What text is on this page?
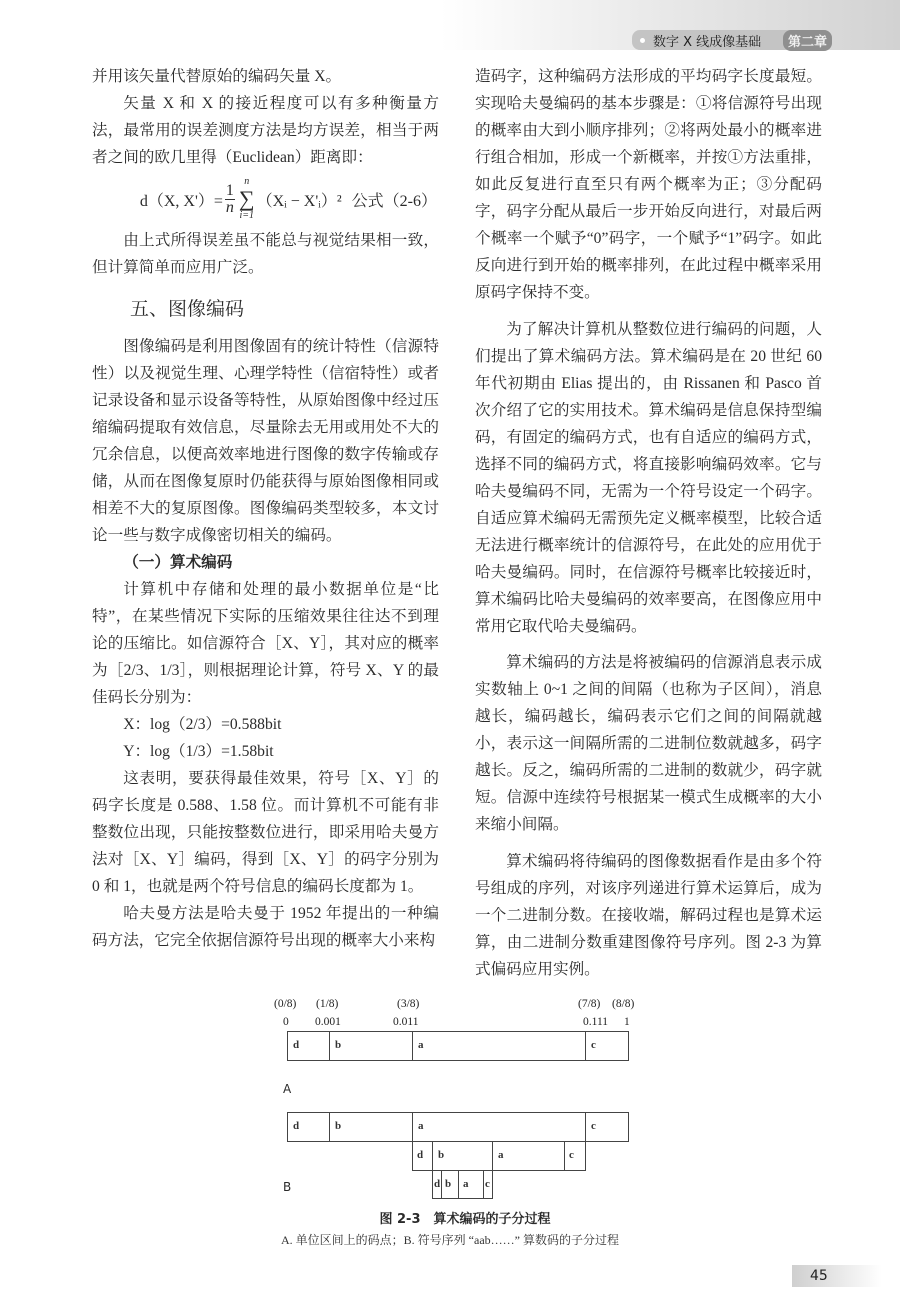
数字 X 线成像基础	第二章

并用该矢量代替原始的编码矢量 X。

矢量 X 和 X 的接近程度可以有多种衡量方法，最常用的误差测度方法是均方误差，相当于两者之间的欧几里得（Euclidean）距离即：

d（X, $X')= \frac{1}{n}$
n
∑
i=1
（Xᵢ − X'ᵢ）² 公式（2-6）

由上式所得误差虽不能总与视觉结果相一致，但计算简单而应用广泛。

五、图像编码

图像编码是利用图像固有的统计特性（信源特性）以及视觉生理、心理学特性（信宿特性）或者记录设备和显示设备等特性，从原始图像中经过压缩编码提取有效信息，尽量除去无用或用处不大的冗余信息，以便高效率地进行图像的数字传输或存储，从而在图像复原时仍能获得与原始图像相同或相差不大的复原图像。图像编码类型较多，本文讨论一些与数字成像密切相关的编码。

（一）算术编码

计算机中存储和处理的最小数据单位是“比特”，在某些情况下实际的压缩效果往往达不到理论的压缩比。如信源符合［X、Y］，其对应的概率为［2/3、1/3］，则根据理论计算，符号 X、Y 的最佳码长分别为：

X：log（2/3）=0.588bit

Y：log（1/3）=1.58bit

这表明，要获得最佳效果，符号［X、Y］的码字长度是 0.588、1.58 位。而计算机不可能有非整数位出现，只能按整数位进行，即采用哈夫曼方法对［X、Y］编码，得到［X、Y］的码字分别为 0 和 1，也就是两个符号信息的编码长度都为 1。

哈夫曼方法是哈夫曼于 1952 年提出的一种编码方法，它完全依据信源符号出现的概率大小来构

造码字，这种编码方法形成的平均码字长度最短。实现哈夫曼编码的基本步骤是：①将信源符号出现的概率由大到小顺序排列；②将两处最小的概率进行组合相加，形成一个新概率，并按①方法重排，如此反复进行直至只有两个概率为正；③分配码字，码字分配从最后一步开始反向进行，对最后两个概率一个赋予“0”码字，一个赋予“1”码字。如此反向进行到开始的概率排列，在此过程中概率采用原码字保持不变。

为了解决计算机从整数位进行编码的问题，人们提出了算术编码方法。算术编码是在 20 世纪 60 年代初期由 Elias 提出的，由 Rissanen 和 Pasco 首次介绍了它的实用技术。算术编码是信息保持型编码，有固定的编码方式，也有自适应的编码方式，选择不同的编码方式，将直接影响编码效率。它与哈夫曼编码不同，无需为一个符号设定一个码字。自适应算术编码无需预先定义概率模型，比较合适无法进行概率统计的信源符号，在此处的应用优于哈夫曼编码。同时，在信源符号概率比较接近时，算术编码比哈夫曼编码的效率要高，在图像应用中常用它取代哈夫曼编码。

算术编码的方法是将被编码的信源消息表示成实数轴上 0~1 之间的间隔（也称为子区间），消息越长，编码越长，编码表示它们之间的间隔就越小，表示这一间隔所需的二进制位数就越多，码字越长。反之，编码所需的二进制的数就少，码字就短。信源中连续符号根据某一模式生成概率的大小来缩小间隔。

算术编码将待编码的图像数据看作是由多个符号组成的序列，对该序列递进行算术运算后，成为一个二进制分数。在接收端，解码过程也是算术运算，由二进制分数重建图像符号序列。图 2-3 为算式偏码应用实例。

(0/8) (1/8)	(3/8)	(7/8) (8/8)
0 0.001	0.011	0.111 1
d	b	a	c
A
d	b	a	c
d b	a	c
d b a c
B
图 2-3　算术编码的子分过程
A. 单位区间上的码点；B. 符号序列 “aab……” 算数码的子分过程
45
